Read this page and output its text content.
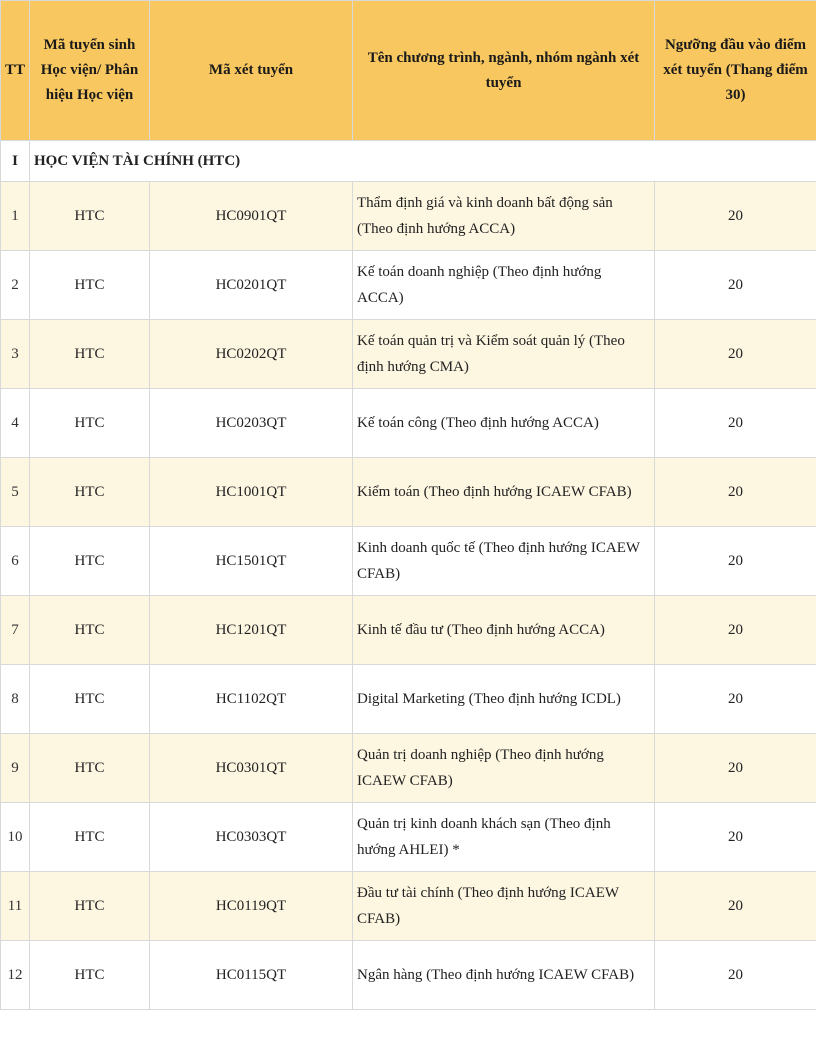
TT	Mã tuyển sinh Học viện/ Phân hiệu Học viện	Mã xét tuyển	Tên chương trình, ngành, nhóm ngành xét tuyển	Ngưỡng đầu vào điểm xét tuyển (Thang điểm 30)
I	HỌC VIỆN TÀI CHÍNH (HTC)			
1	HTC	HC0901QT	Thẩm định giá và kinh doanh bất động sản (Theo định hướng ACCA)	20
2	HTC	HC0201QT	Kế toán doanh nghiệp (Theo định hướng ACCA)	20
3	HTC	HC0202QT	Kế toán quản trị và Kiểm soát quản lý (Theo định hướng CMA)	20
4	HTC	HC0203QT	Kế toán công (Theo định hướng ACCA)	20
5	HTC	HC1001QT	Kiểm toán (Theo định hướng ICAEW CFAB)	20
6	HTC	HC1501QT	Kinh doanh quốc tế (Theo định hướng ICAEW CFAB)	20
7	HTC	HC1201QT	Kinh tế đầu tư (Theo định hướng ACCA)	20
8	HTC	HC1102QT	Digital Marketing (Theo định hướng ICDL)	20
9	HTC	HC0301QT	Quản trị doanh nghiệp (Theo định hướng ICAEW CFAB)	20
10	HTC	HC0303QT	Quản trị kinh doanh khách sạn (Theo định hướng AHLEI) *	20
11	HTC	HC0119QT	Đầu tư tài chính (Theo định hướng ICAEW CFAB)	20
12	HTC	HC0115QT	Ngân hàng (Theo định hướng ICAEW CFAB)	20
